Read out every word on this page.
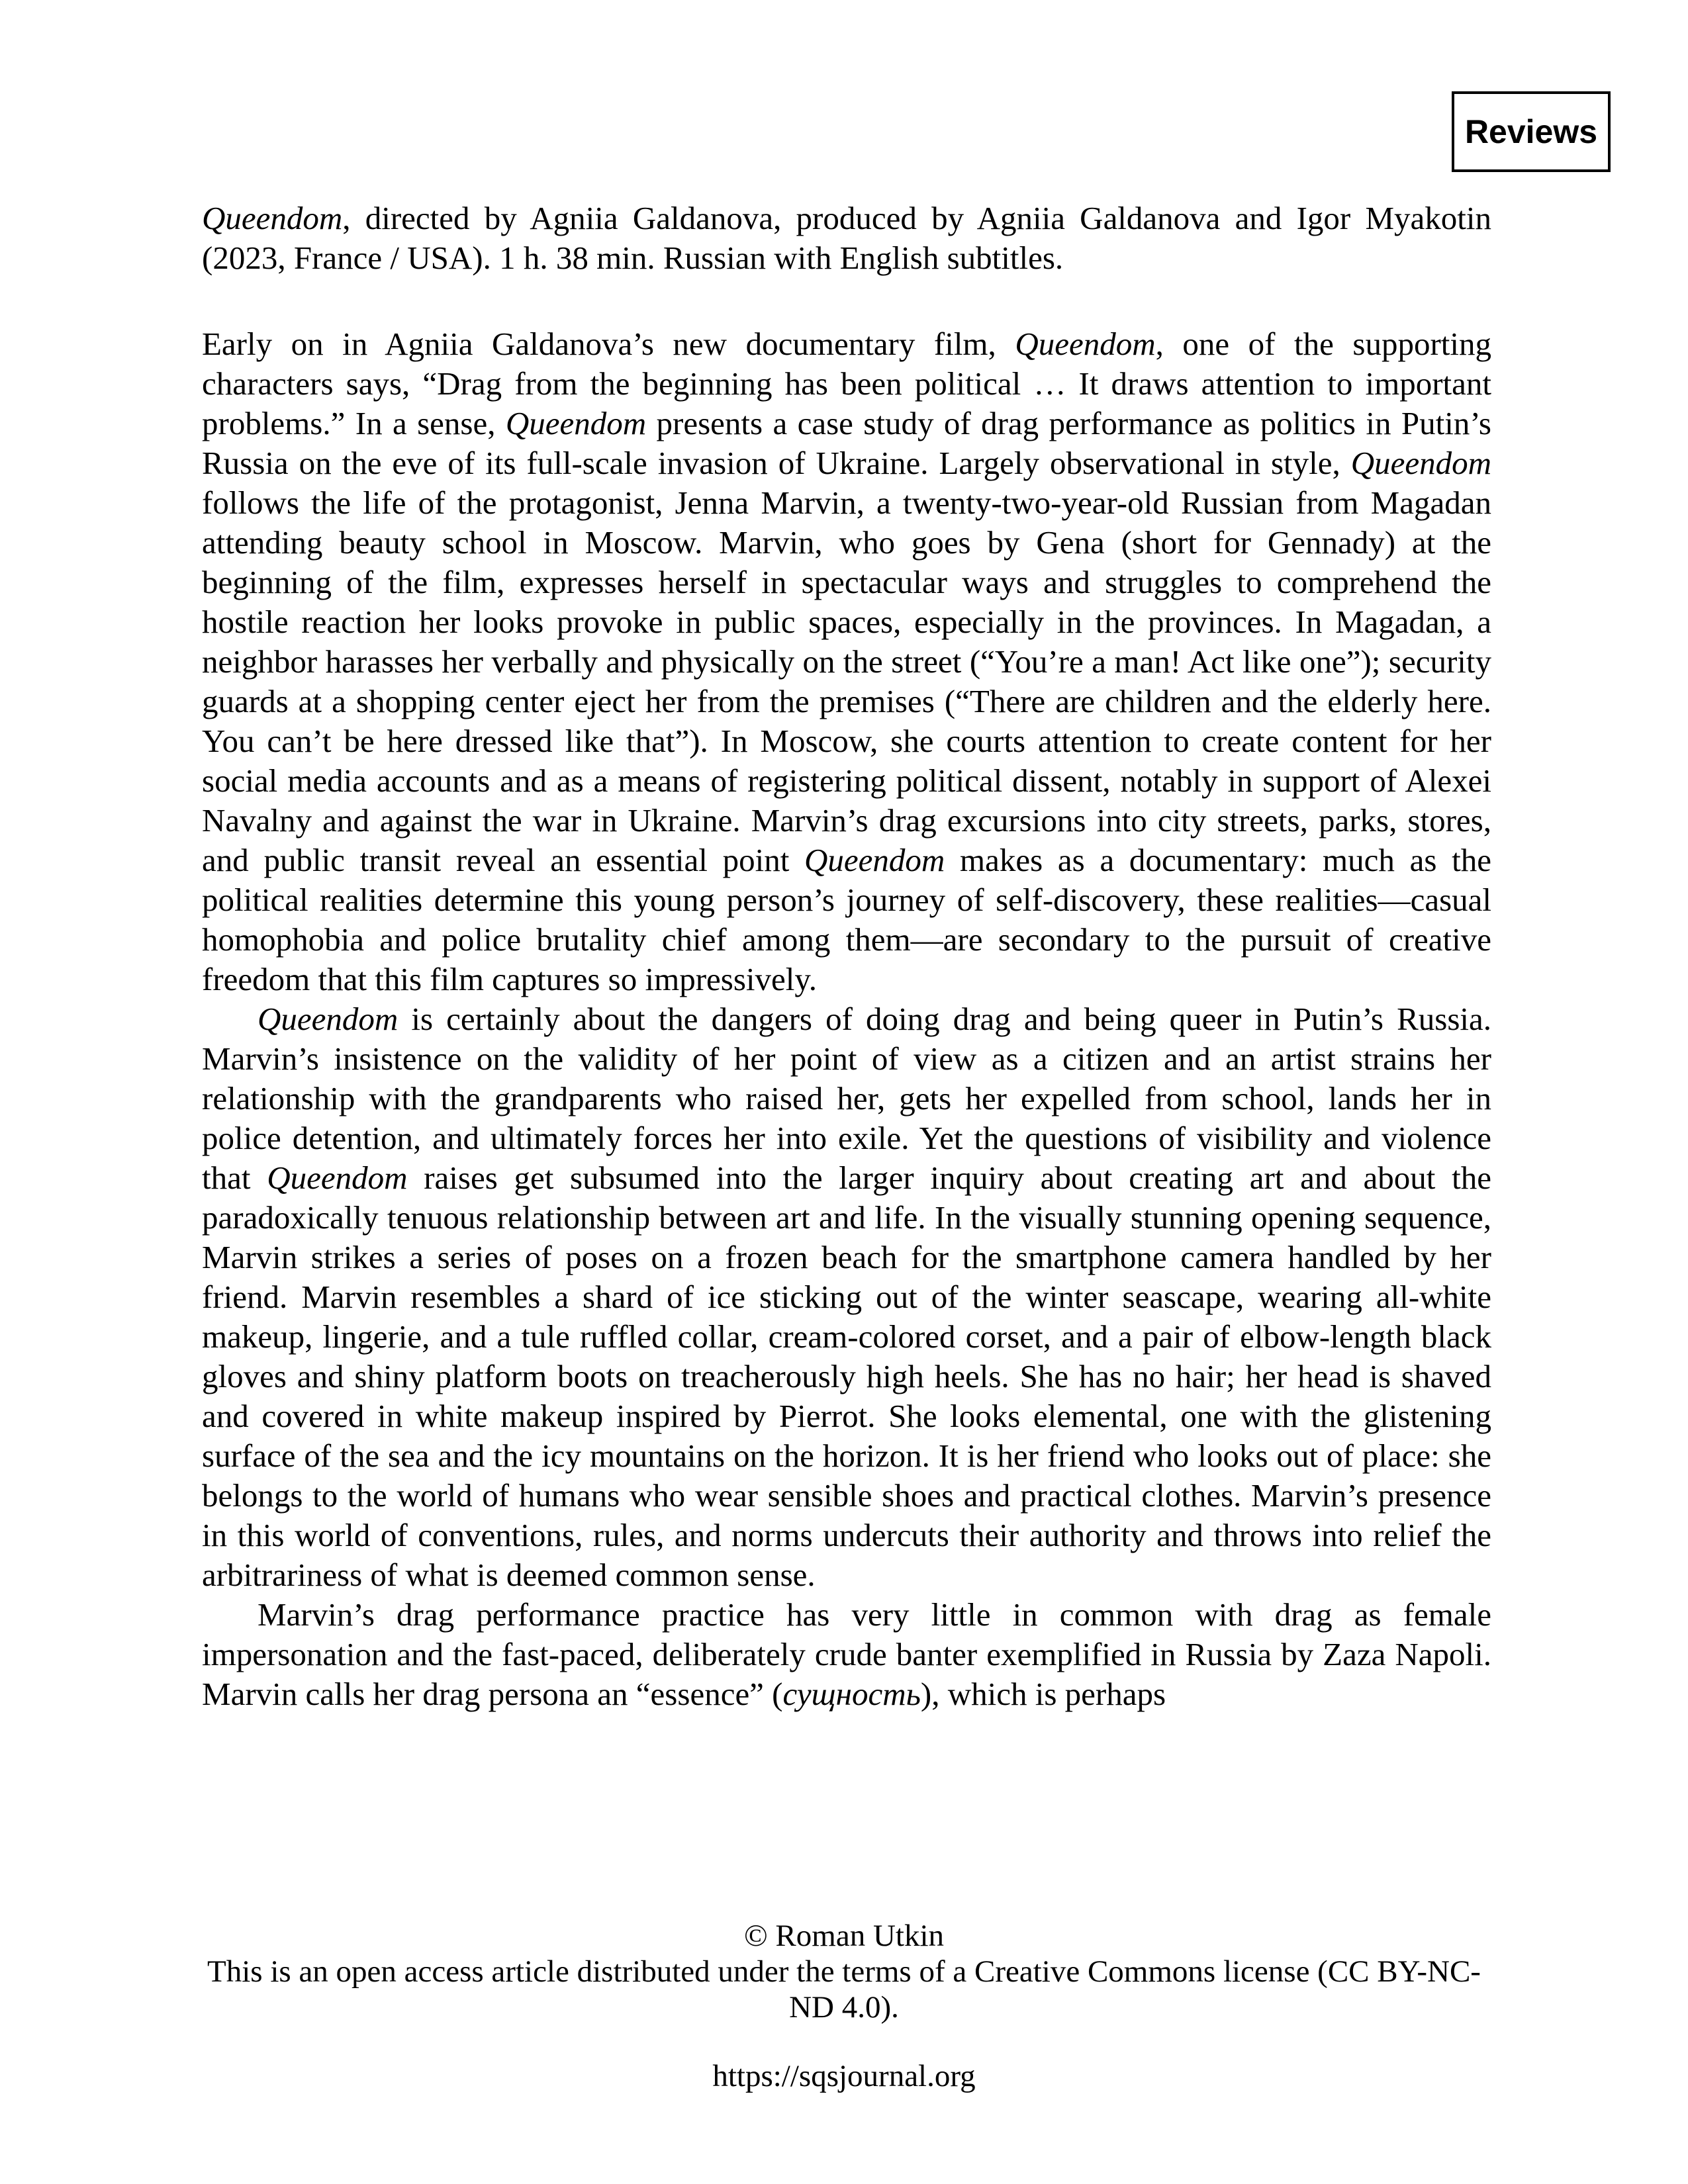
Reviews

Queendom, directed by Agniia Galdanova, produced by Agniia Galdanova and Igor Myakotin (2023, France / USA). 1 h. 38 min. Russian with English subtitles.

Early on in Agniia Galdanova’s new documentary film, Queendom, one of the supporting characters says, “Drag from the beginning has been political … It draws attention to important problems.” In a sense, Queendom presents a case study of drag performance as politics in Putin’s Russia on the eve of its full-scale invasion of Ukraine. Largely observational in style, Queendom follows the life of the protagonist, Jenna Marvin, a twenty-two-year-old Russian from Magadan attending beauty school in Moscow. Marvin, who goes by Gena (short for Gennady) at the beginning of the film, expresses herself in spectacular ways and struggles to comprehend the hostile reaction her looks provoke in public spaces, especially in the provinces. In Magadan, a neighbor harasses her verbally and physically on the street (“You’re a man! Act like one”); security guards at a shopping center eject her from the premises (“There are children and the elderly here. You can’t be here dressed like that”). In Moscow, she courts attention to create content for her social media accounts and as a means of registering political dissent, notably in support of Alexei Navalny and against the war in Ukraine. Marvin’s drag excursions into city streets, parks, stores, and public transit reveal an essential point Queendom makes as a documentary: much as the political realities determine this young person’s journey of self-discovery, these realities—casual homophobia and police brutality chief among them—are secondary to the pursuit of creative freedom that this film captures so impressively.

Queendom is certainly about the dangers of doing drag and being queer in Putin’s Russia. Marvin’s insistence on the validity of her point of view as a citizen and an artist strains her relationship with the grandparents who raised her, gets her expelled from school, lands her in police detention, and ultimately forces her into exile. Yet the questions of visibility and violence that Queendom raises get subsumed into the larger inquiry about creating art and about the paradoxically tenuous relationship between art and life. In the visually stunning opening sequence, Marvin strikes a series of poses on a frozen beach for the smartphone camera handled by her friend. Marvin resembles a shard of ice sticking out of the winter seascape, wearing all-white makeup, lingerie, and a tule ruffled collar, cream-colored corset, and a pair of elbow-length black gloves and shiny platform boots on treacherously high heels. She has no hair; her head is shaved and covered in white makeup inspired by Pierrot. She looks elemental, one with the glistening surface of the sea and the icy mountains on the horizon. It is her friend who looks out of place: she belongs to the world of humans who wear sensible shoes and practical clothes. Marvin’s presence in this world of conventions, rules, and norms undercuts their authority and throws into relief the arbitrariness of what is deemed common sense.

Marvin’s drag performance practice has very little in common with drag as female impersonation and the fast-paced, deliberately crude banter exemplified in Russia by Zaza Napoli. Marvin calls her drag persona an “essence” (сущность), which is perhaps

© Roman Utkin
This is an open access article distributed under the terms of a Creative Commons license (CC BY-NC-ND 4.0).
https://sqsjournal.org
